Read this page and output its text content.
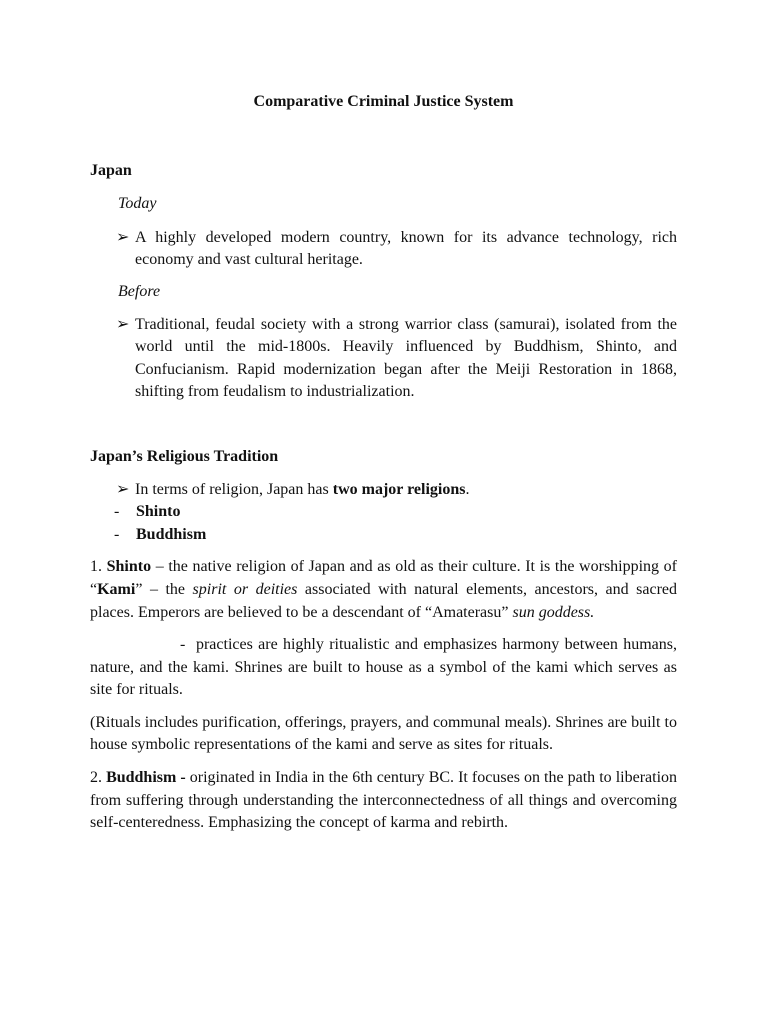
Comparative Criminal Justice System

Japan

Today

➢ A highly developed modern country, known for its advance technology, rich economy and vast cultural heritage.

Before

➢ Traditional, feudal society with a strong warrior class (samurai), isolated from the world until the mid-1800s. Heavily influenced by Buddhism, Shinto, and Confucianism. Rapid modernization began after the Meiji Restoration in 1868, shifting from feudalism to industrialization.

Japan’s Religious Tradition

➢ In terms of religion, Japan has two major religions.
-	Shinto
-	Buddhism

1. Shinto – the native religion of Japan and as old as their culture. It is the worshipping of “Kami” – the spirit or deities associated with natural elements, ancestors, and sacred places. Emperors are believed to be a descendant of “Amaterasu” sun goddess.

- practices are highly ritualistic and emphasizes harmony between humans, nature, and the kami. Shrines are built to house as a symbol of the kami which serves as site for rituals.

(Rituals includes purification, offerings, prayers, and communal meals). Shrines are built to house symbolic representations of the kami and serve as sites for rituals.

2. Buddhism - originated in India in the 6th century BC. It focuses on the path to liberation from suffering through understanding the interconnectedness of all things and overcoming self-centeredness. Emphasizing the concept of karma and rebirth.
